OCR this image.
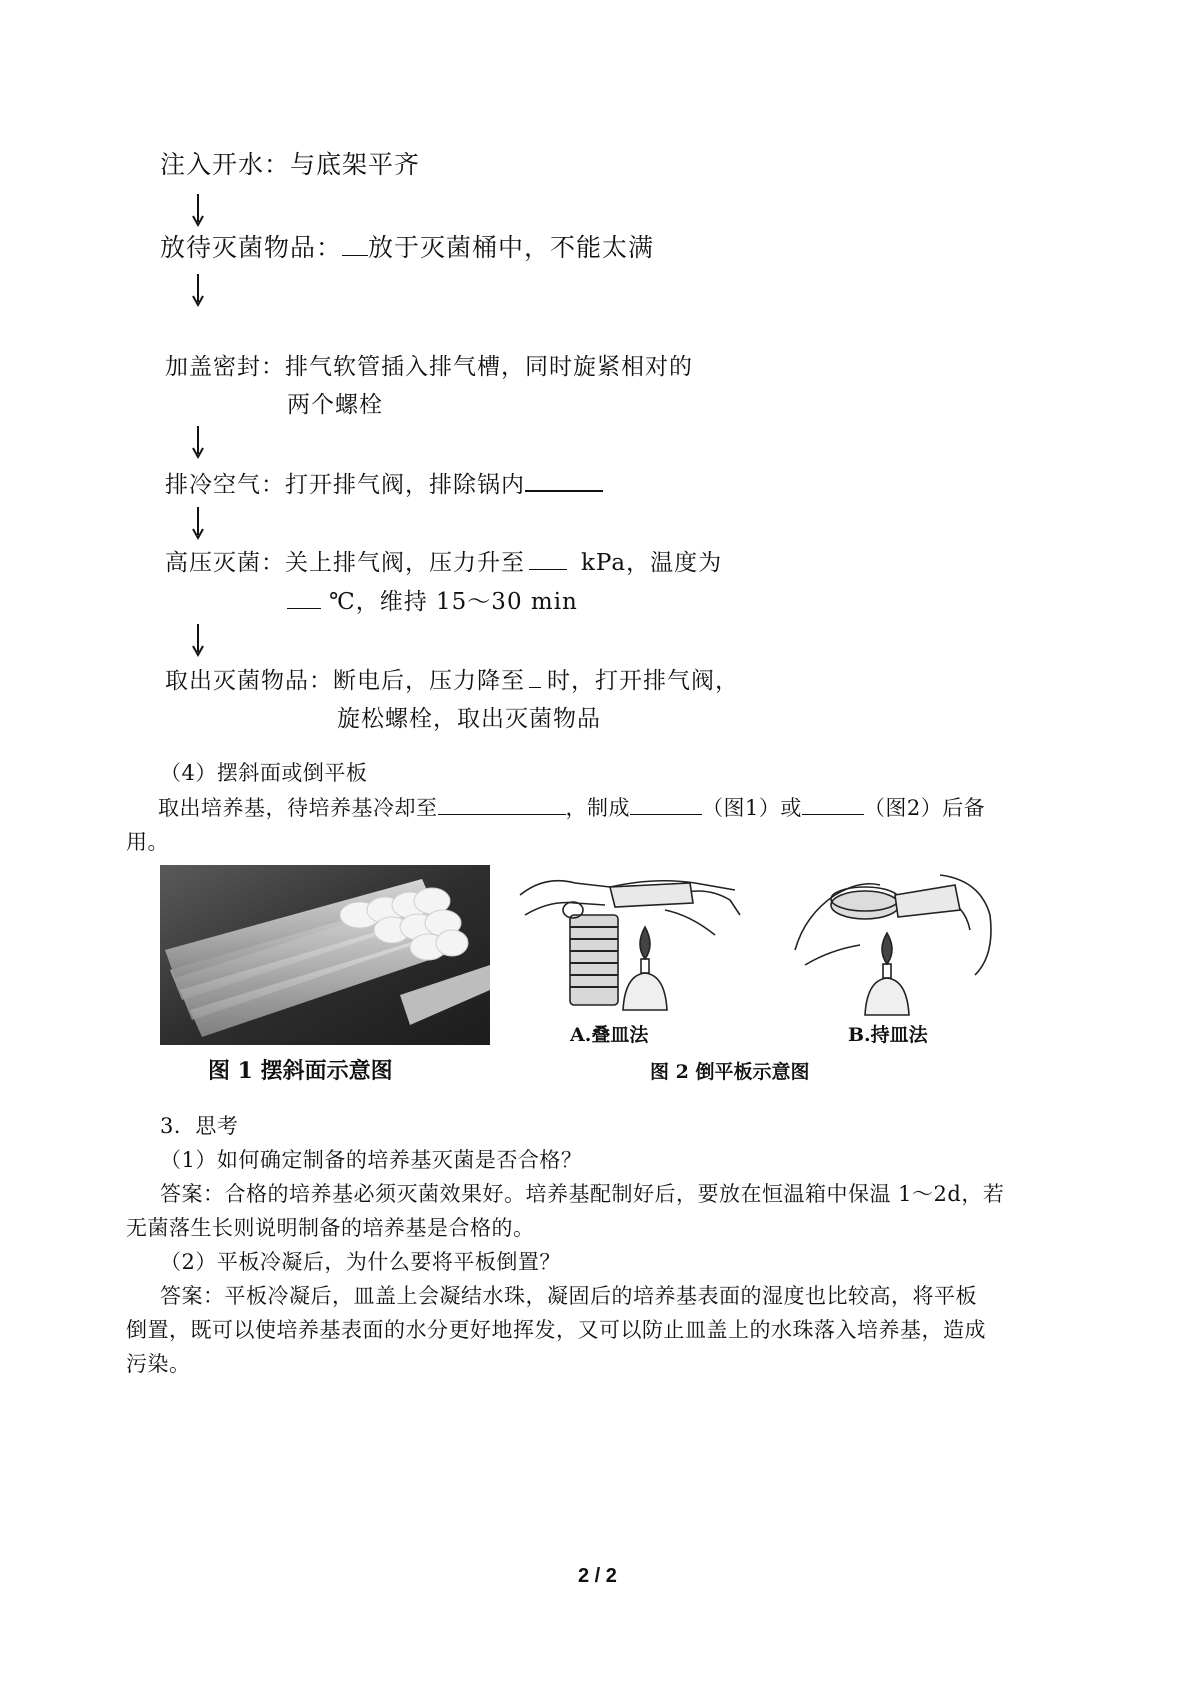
注入开水：与底架平齐
放待灭菌物品： 放于灭菌桶中，不能太满
加盖密封：排气软管插入排气槽，同时旋紧相对的
两个螺栓
排冷空气：打开排气阀，排除锅内
高压灭菌：关上排气阀，压力升至 kPa，温度为
℃，维持 15～30 min
取出灭菌物品：断电后，压力降至 时，打开排气阀，
旋松螺栓，取出灭菌物品
（4）摆斜面或倒平板
取出培养基，待培养基冷却至	，制成	（图1）或	（图2）后备
用。
图 1 摆斜面示意图
A.叠皿法	B.持皿法
图 2 倒平板示意图
3．思考
（1）如何确定制备的培养基灭菌是否合格？
答案：合格的培养基必须灭菌效果好。培养基配制好后，要放在恒温箱中保温 1～2d，若
无菌落生长则说明制备的培养基是合格的。
（2）平板冷凝后，为什么要将平板倒置？
答案：平板冷凝后，皿盖上会凝结水珠，凝固后的培养基表面的湿度也比较高，将平板
倒置，既可以使培养基表面的水分更好地挥发，又可以防止皿盖上的水珠落入培养基，造成
污染。
2 / 2
